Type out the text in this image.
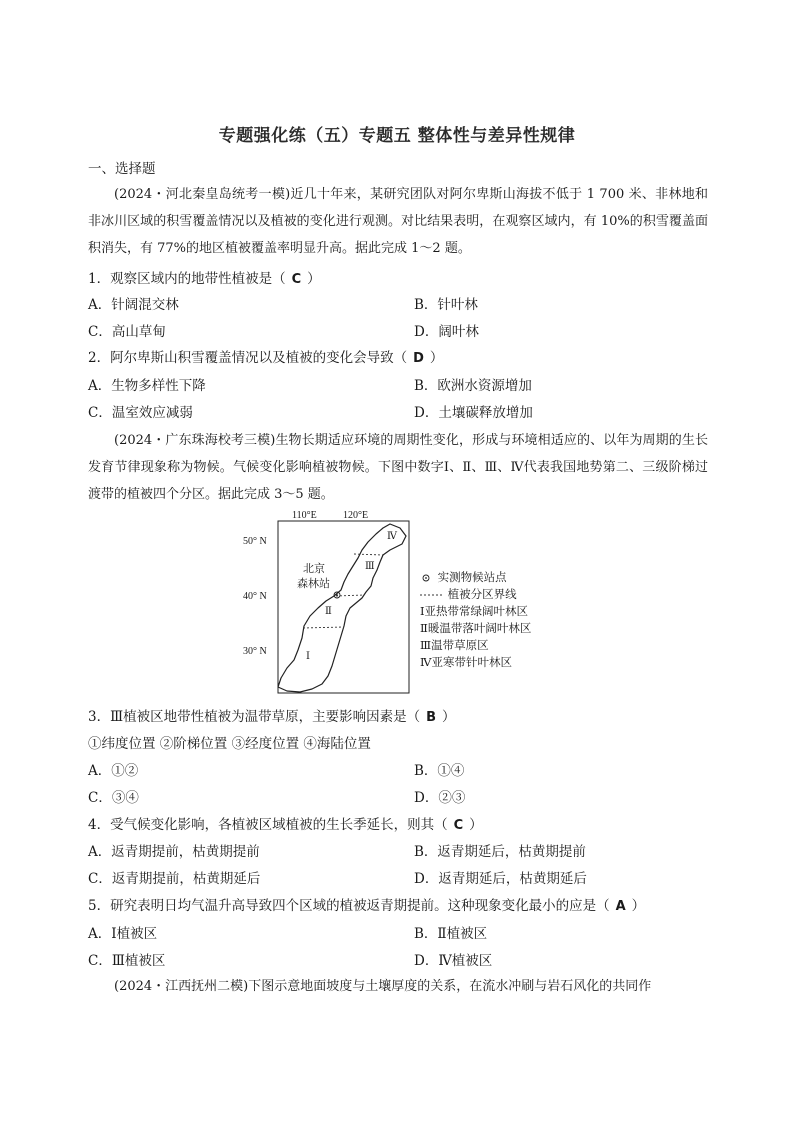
专题强化练（五）专题五 整体性与差异性规律
一、选择题

(2024・河北秦皇岛统考一模)近几十年来，某研究团队对阿尔卑斯山海拔不低于 1 700 米、非林地和非冰川区域的积雪覆盖情况以及植被的变化进行观测。对比结果表明，在观察区域内，有 10%的积雪覆盖面积消失，有 77%的地区植被覆盖率明显升高。据此完成 1～2 题。

1．观察区域内的地带性植被是（ C ）
A．针阔混交林	B．针叶林
C．高山草甸	D．阔叶林
2．阿尔卑斯山积雪覆盖情况以及植被的变化会导致（ D ）
A．生物多样性下降	B．欧洲水资源增加
C．温室效应减弱	D．土壤碳释放增加

(2024・广东珠海校考三模)生物长期适应环境的周期性变化，形成与环境相适应的、以年为周期的生长发育节律现象称为物候。气候变化影响植被物候。下图中数字Ⅰ、Ⅱ、Ⅲ、Ⅳ代表我国地势第二、三级阶梯过渡带的植被四个分区。据此完成 3～5 题。

110°E	120°E
50° N
40° N
30° N
北京
森林站
Ⅳ
Ⅲ
Ⅱ
Ⅰ
实测物候站点
植被分区界线
Ⅰ亚热带常绿阔叶林区
Ⅱ暖温带落叶阔叶林区
Ⅲ温带草原区
Ⅳ亚寒带针叶林区
3．Ⅲ植被区地带性植被为温带草原，主要影响因素是（ B ）
①纬度位置 ②阶梯位置 ③经度位置 ④海陆位置
A．①②	B．①④
C．③④	D．②③
4．受气候变化影响，各植被区域植被的生长季延长，则其（ C ）
A．返青期提前，枯黄期提前	B．返青期延后，枯黄期提前
C．返青期提前，枯黄期延后	D．返青期延后，枯黄期延后
5．研究表明日均气温升高导致四个区域的植被返青期提前。这种现象变化最小的应是（ A ）
A．Ⅰ植被区	B．Ⅱ植被区
C．Ⅲ植被区	D．Ⅳ植被区

(2024・江西抚州二模)下图示意地面坡度与土壤厚度的关系，在流水冲刷与岩石风化的共同作
